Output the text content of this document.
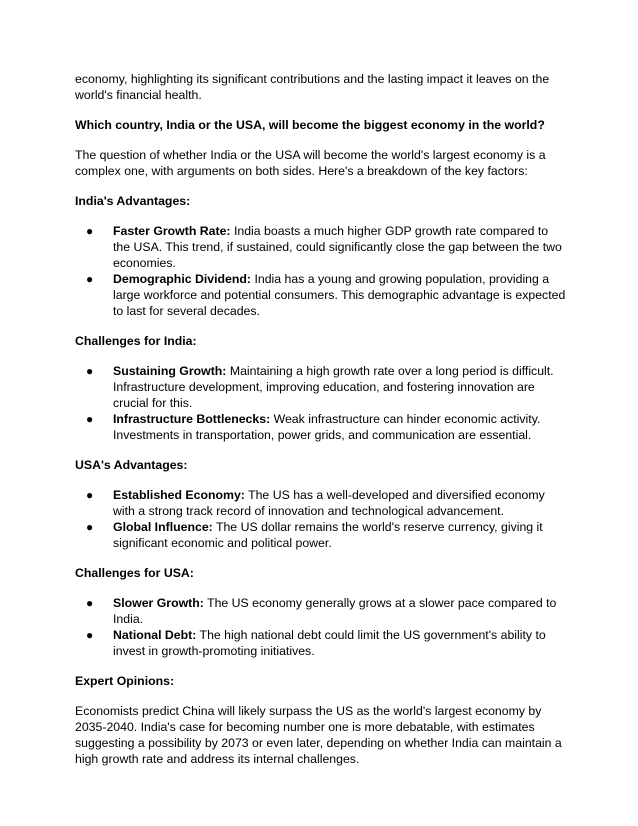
economy, highlighting its significant contributions and the lasting impact it leaves on the world's financial health.

Which country, India or the USA, will become the biggest economy in the world?

The question of whether India or the USA will become the world's largest economy is a complex one, with arguments on both sides. Here's a breakdown of the key factors:

India's Advantages:

● Faster Growth Rate: India boasts a much higher GDP growth rate compared to the USA. This trend, if sustained, could significantly close the gap between the two economies.
● Demographic Dividend: India has a young and growing population, providing a large workforce and potential consumers. This demographic advantage is expected to last for several decades.

Challenges for India:

● Sustaining Growth: Maintaining a high growth rate over a long period is difficult. Infrastructure development, improving education, and fostering innovation are crucial for this.
● Infrastructure Bottlenecks: Weak infrastructure can hinder economic activity. Investments in transportation, power grids, and communication are essential.

USA's Advantages:

● Established Economy: The US has a well-developed and diversified economy with a strong track record of innovation and technological advancement.
● Global Influence: The US dollar remains the world's reserve currency, giving it significant economic and political power.

Challenges for USA:

● Slower Growth: The US economy generally grows at a slower pace compared to India.
● National Debt: The high national debt could limit the US government's ability to invest in growth-promoting initiatives.

Expert Opinions:

Economists predict China will likely surpass the US as the world's largest economy by 2035-2040. India's case for becoming number one is more debatable, with estimates suggesting a possibility by 2073 or even later, depending on whether India can maintain a high growth rate and address its internal challenges.
